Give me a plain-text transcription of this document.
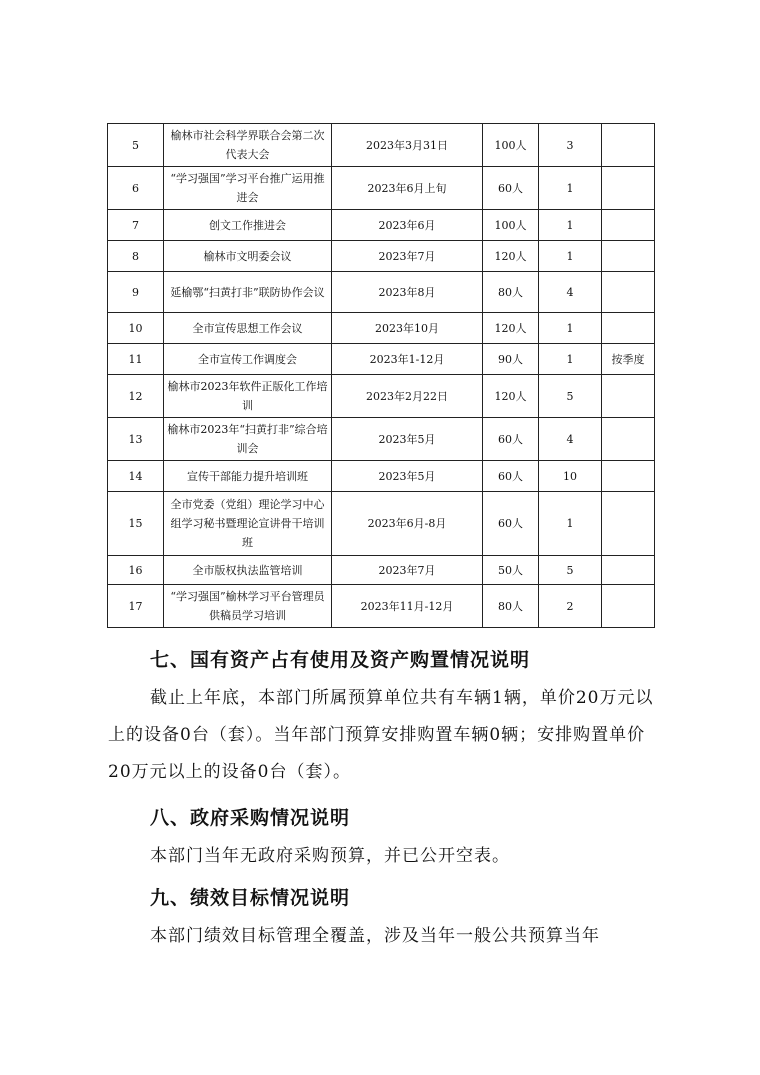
5	榆林市社会科学界联合会第二次代表大会	2023年3月31日	100人	3	
6	“学习强国”学习平台推广运用推进会	2023年6月上旬	60人	1	
7	创文工作推进会	2023年6月	100人	1	
8	榆林市文明委会议	2023年7月	120人	1	
9	延榆鄂“扫黄打非”联防协作会议	2023年8月	80人	4	
10	全市宣传思想工作会议	2023年10月	120人	1	
11	全市宣传工作调度会	2023年1-12月	90人	1	按季度
12	榆林市2023年软件正版化工作培训	2023年2月22日	120人	5	
13	榆林市2023年“扫黄打非”综合培训会	2023年5月	60人	4	
14	宣传干部能力提升培训班	2023年5月	60人	10	
15	全市党委（党组）理论学习中心组学习秘书暨理论宣讲骨干培训班	2023年6月-8月	60人	1	
16	全市版权执法监管培训	2023年7月	50人	5	
17	“学习强国”榆林学习平台管理员供稿员学习培训	2023年11月-12月	80人	2	
七、国有资产占有使用及资产购置情况说明

截止上年底，本部门所属预算单位共有车辆1辆，单价20万元以上的设备0台（套）。当年部门预算安排购置车辆0辆；安排购置单价20万元以上的设备0台（套）。

八、政府采购情况说明

本部门当年无政府采购预算，并已公开空表。

九、绩效目标情况说明

本部门绩效目标管理全覆盖，涉及当年一般公共预算当年
